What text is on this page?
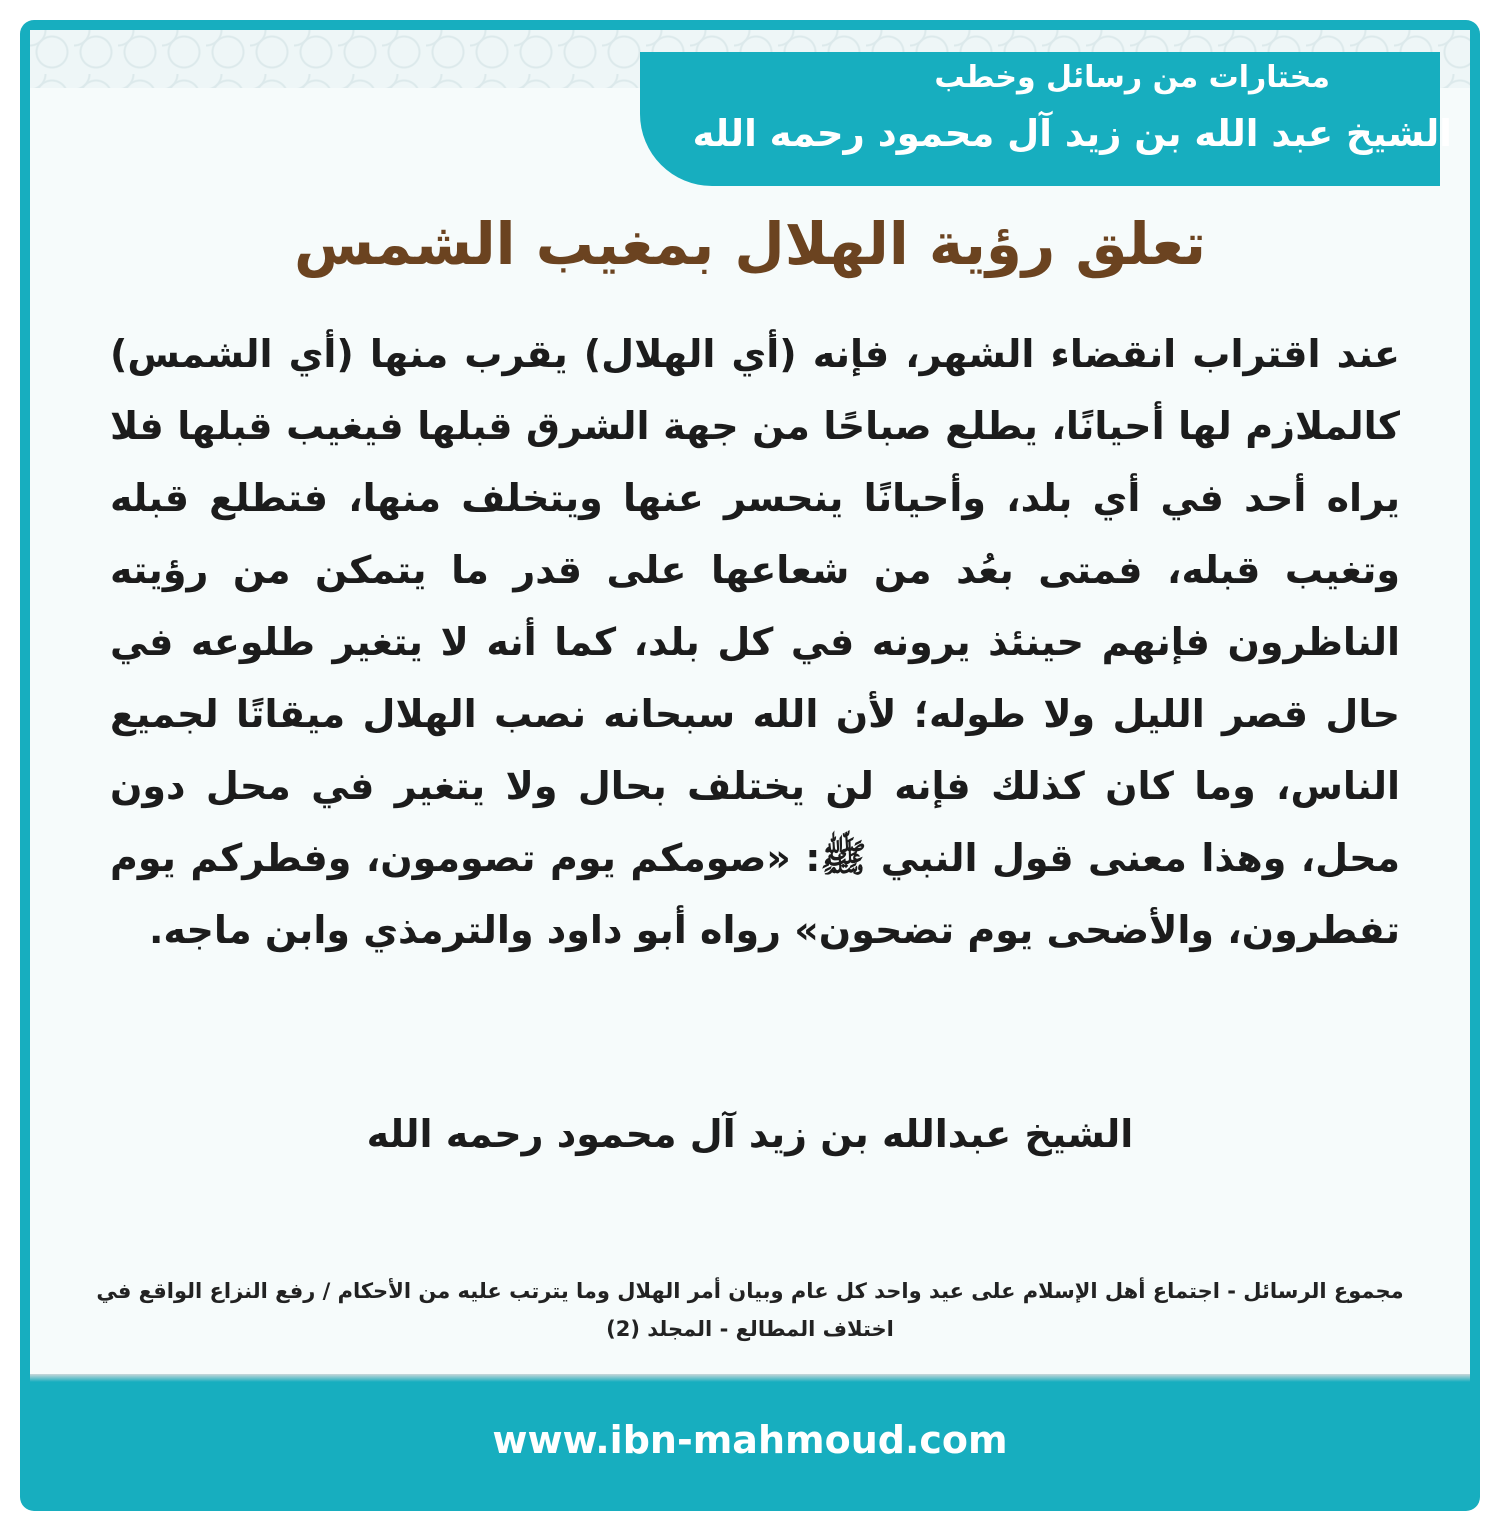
مختارات من رسائل وخطب
الشيخ عبد الله بن زيد آل محمود رحمه الله
تعلق رؤية الهلال بمغيب الشمس
عند اقتراب انقضاء الشهر، فإنه (أي الهلال) يقرب منها (أي الشمس) كالملازم لها أحيانًا، يطلع صباحًا من جهة الشرق قبلها فيغيب قبلها فلا يراه أحد في أي بلد، وأحيانًا ينحسر عنها ويتخلف منها، فتطلع قبله وتغيب قبله، فمتى بعُد من شعاعها على قدر ما يتمكن من رؤيته الناظرون فإنهم حينئذ يرونه في كل بلد، كما أنه لا يتغير طلوعه في حال قصر الليل ولا طوله؛ لأن الله سبحانه نصب الهلال ميقاتًا لجميع الناس، وما كان كذلك فإنه لن يختلف بحال ولا يتغير في محل دون محل، وهذا معنى قول النبي ﷺ: «صومكم يوم تصومون، وفطركم يوم تفطرون، والأضحى يوم تضحون» رواه أبو داود والترمذي وابن ماجه.
الشيخ عبدالله بن زيد آل محمود رحمه الله
مجموع الرسائل - اجتماع أهل الإسلام على عيد واحد كل عام وبيان أمر الهلال وما يترتب عليه من الأحكام / رفع النزاع الواقع في اختلاف المطالع - المجلد (2)
www.ibn-mahmoud.com
